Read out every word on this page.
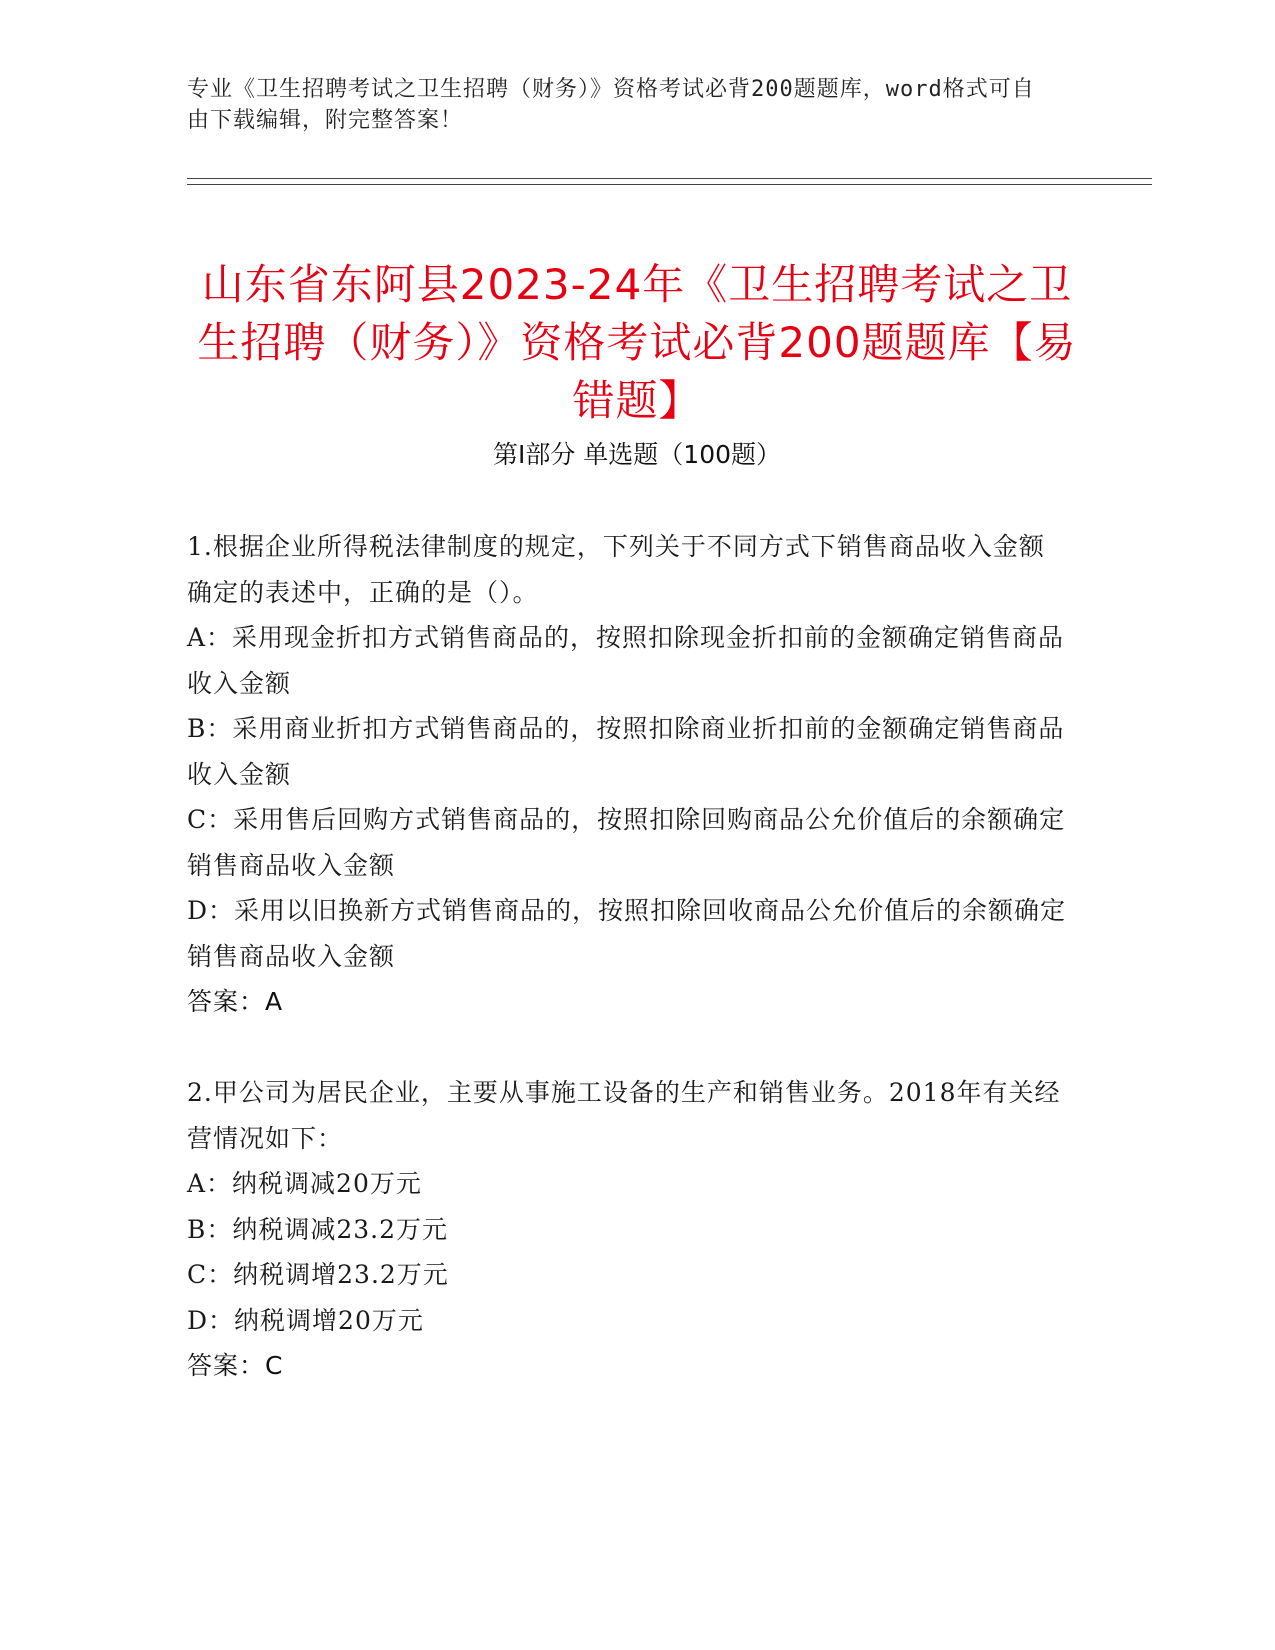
专业《卫生招聘考试之卫生招聘（财务）》资格考试必背200题题库，word格式可自由下载编辑，附完整答案！
山东省东阿县2023-24年《卫生招聘考试之卫生招聘（财务）》资格考试必背200题题库【易错题】
第I部分 单选题（100题）

1.根据企业所得税法律制度的规定，下列关于不同方式下销售商品收入金额确定的表述中，正确的是（）。

A：采用现金折扣方式销售商品的，按照扣除现金折扣前的金额确定销售商品收入金额

B：采用商业折扣方式销售商品的，按照扣除商业折扣前的金额确定销售商品收入金额

C：采用售后回购方式销售商品的，按照扣除回购商品公允价值后的余额确定销售商品收入金额

D：采用以旧换新方式销售商品的，按照扣除回收商品公允价值后的余额确定销售商品收入金额

答案：A

2.甲公司为居民企业，主要从事施工设备的生产和销售业务。2018年有关经营情况如下：

A：纳税调减20万元

B：纳税调减23.2万元

C：纳税调增23.2万元

D：纳税调增20万元

答案：C
